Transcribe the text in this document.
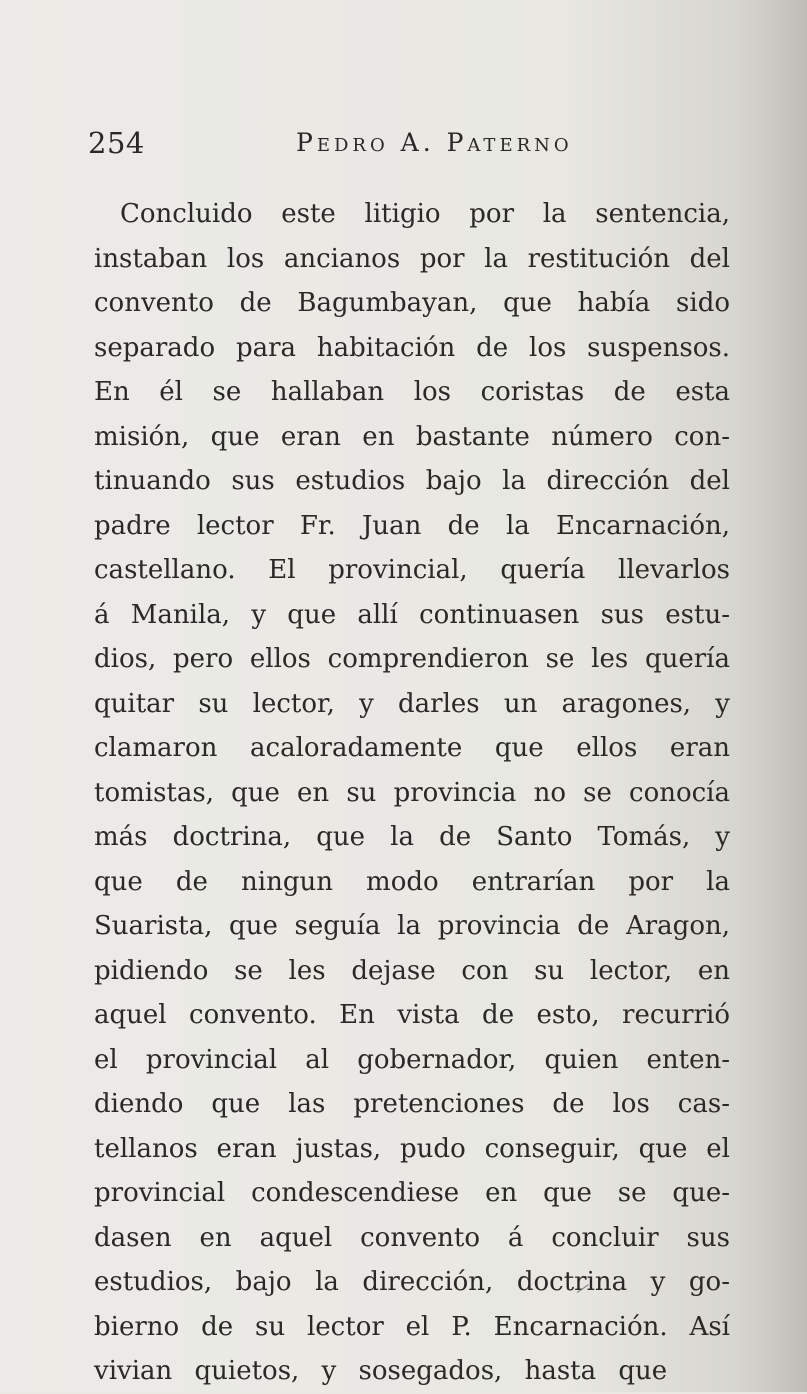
254	Pedro A. Paterno
Concluido este litigio por la sentencia,
instaban los ancianos por la restitución del
convento de Bagumbayan, que había sido
separado para habitación de los suspensos.
En él se hallaban los coristas de esta
misión, que eran en bastante número con-
tinuando sus estudios bajo la dirección del
padre lector Fr. Juan de la Encarnación,
castellano. El provincial, quería llevarlos
á Manila, y que allí continuasen sus estu-
dios, pero ellos comprendieron se les quería
quitar su lector, y darles un aragones, y
clamaron acaloradamente que ellos eran
tomistas, que en su provincia no se conocía
más doctrina, que la de Santo Tomás, y
que de ningun modo entrarían por la
Suarista, que seguía la provincia de Aragon,
pidiendo se les dejase con su lector, en
aquel convento. En vista de esto, recurrió
el provincial al gobernador, quien enten-
diendo que las pretenciones de los cas-
tellanos eran justas, pudo conseguir, que el
provincial condescendiese en que se que-
dasen en aquel convento á concluir sus
estudios, bajo la dirección, doctrina y go-
bierno de su lector el P. Encarnación. Así
vivian quietos, y sosegados, hasta que
